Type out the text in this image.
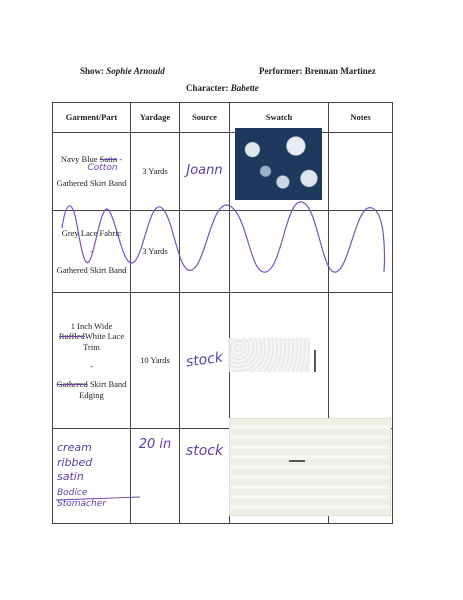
Show: Sophie Arnould	Performer: Brennan Martinez
Character: Babette
Garment/Part	Yardage	Source	Swatch	Notes

Navy Blue Satin -
Cotton
Gathered Skirt Band	3 Yards	Joann		

Grey Lace Fabric
-
Gathered Skirt Band	3 Yards			

1 Inch Wide
RuffledWhite Lace Trim
-
Gathered Skirt Band Edging	10 Yards	stock		

cream ribbed satin
Bodice Stomacher	20 in	stock		
